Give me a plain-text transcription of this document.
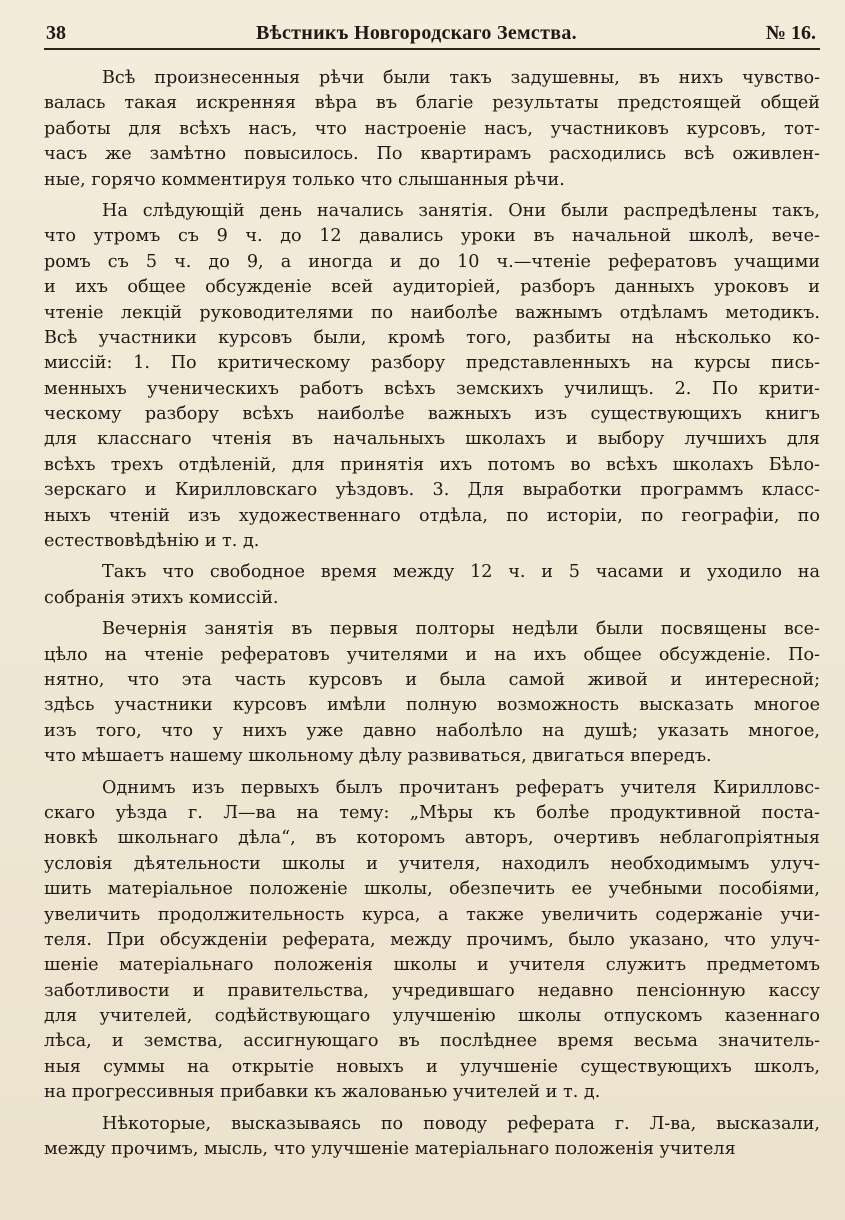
38	Вѣстникъ Новгородскаго Земства.	№ 16.
Всѣ произнесенныя рѣчи были такъ задушевны, въ нихъ чувство-
валась такая искренняя вѣра въ благіе результаты предстоящей общей
работы для всѣхъ насъ, что настроеніе насъ, участниковъ курсовъ, тот-
часъ же замѣтно повысилось. По квартирамъ расходились всѣ оживлен-
ные, горячо комментируя только что слышанныя рѣчи.
На слѣдующій день начались занятія. Они были распредѣлены такъ,
что утромъ съ 9 ч. до 12 давались уроки въ начальной школѣ, вече-
ромъ съ 5 ч. до 9, а иногда и до 10 ч.—чтеніе рефератовъ учащими
и ихъ общее обсужденіе всей аудиторіей, разборъ данныхъ уроковъ и
чтеніе лекцій руководителями по наиболѣе важнымъ отдѣламъ методикъ.
Всѣ участники курсовъ были, кромѣ того, разбиты на нѣсколько ко-
миссій: 1. По критическому разбору представленныхъ на курсы пись-
менныхъ ученическихъ работъ всѣхъ земскихъ училищъ. 2. По крити-
ческому разбору всѣхъ наиболѣе важныхъ изъ существующихъ книгъ
для класснаго чтенія въ начальныхъ школахъ и выбору лучшихъ для
всѣхъ трехъ отдѣленій, для принятія ихъ потомъ во всѣхъ школахъ Бѣло-
зерскаго и Кирилловскаго уѣздовъ. 3. Для выработки программъ класс-
ныхъ чтеній изъ художественнаго отдѣла, по исторіи, по географіи, по
естествовѣдѣнію и т. д.
Такъ что свободное время между 12 ч. и 5 часами и уходило на
собранія этихъ комиссій.
Вечернія занятія въ первыя полторы недѣли были посвящены все-
цѣло на чтеніе рефератовъ учителями и на ихъ общее обсужденіе. По-
нятно, что эта часть курсовъ и была самой живой и интересной;
здѣсь участники курсовъ имѣли полную возможность высказать многое
изъ того, что у нихъ уже давно наболѣло на душѣ; указать многое,
что мѣшаетъ нашему школьному дѣлу развиваться, двигаться впередъ.
Однимъ изъ первыхъ былъ прочитанъ рефератъ учителя Кирилловс-
скаго уѣзда г. Л—ва на тему: „Мѣры къ болѣе продуктивной поста-
новкѣ школьнаго дѣла“, въ которомъ авторъ, очертивъ неблагопріятныя
условія дѣятельности школы и учителя, находилъ необходимымъ улуч-
шить матеріальное положеніе школы, обезпечить ее учебными пособіями,
увеличить продолжительность курса, а также увеличить содержаніе учи-
теля. При обсужденіи реферата, между прочимъ, было указано, что улуч-
шеніе матеріальнаго положенія школы и учителя служитъ предметомъ
заботливости и правительства, учредившаго недавно пенсіонную кассу
для учителей, содѣйствующаго улучшенію школы отпускомъ казеннаго
лѣса, и земства, ассигнующаго въ послѣднее время весьма значитель-
ныя суммы на открытіе новыхъ и улучшеніе существующихъ школъ,
на прогрессивныя прибавки къ жалованью учителей и т. д.
Нѣкоторые, высказываясь по поводу реферата г. Л-ва, высказали,
между прочимъ, мысль, что улучшеніе матеріальнаго положенія учителя
